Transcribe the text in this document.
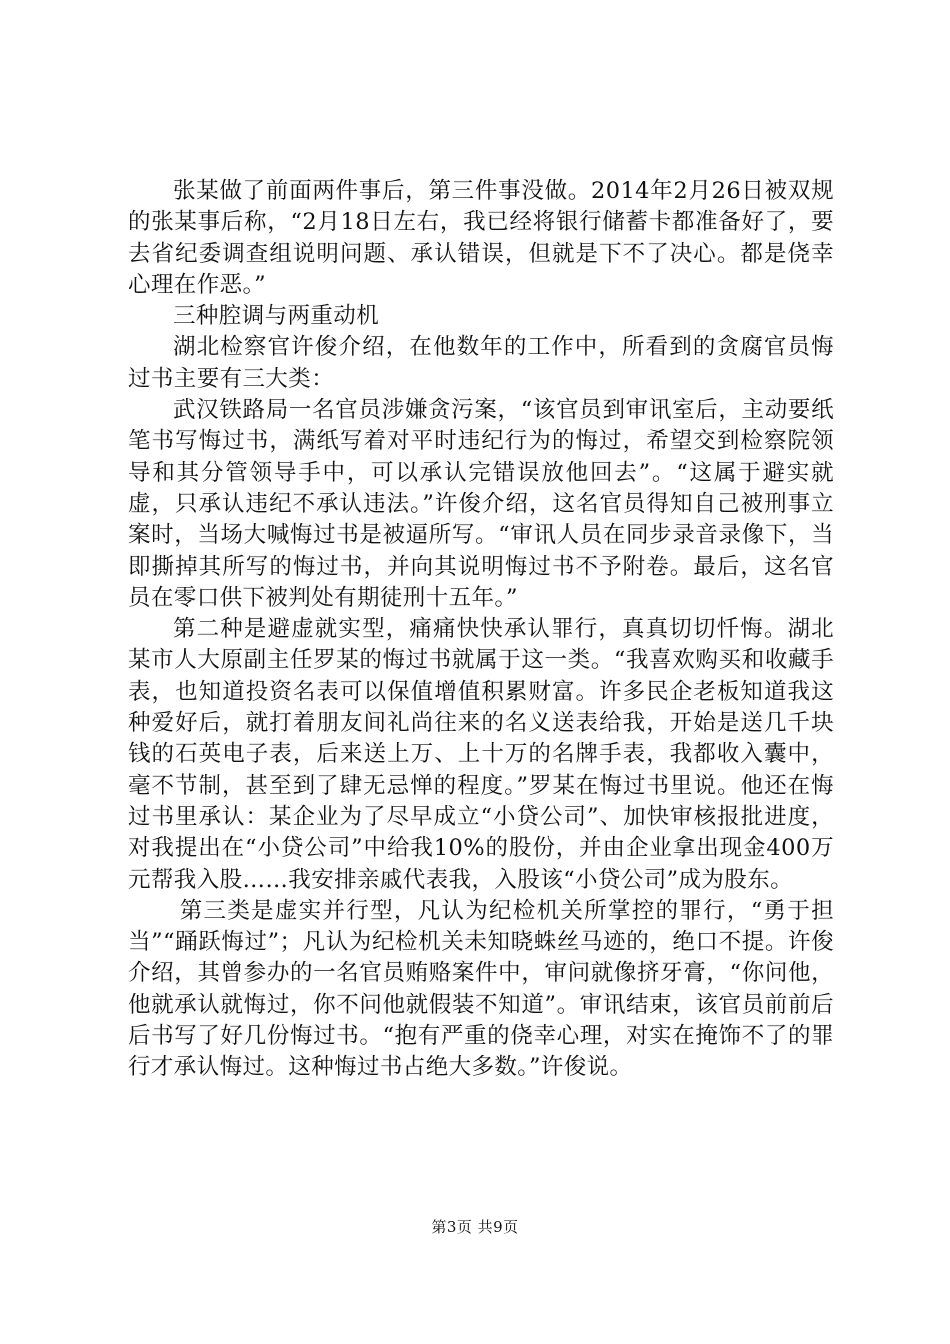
张某做了前面两件事后，第三件事没做。2014年2月26日被双规的张某事后称，“2月18日左右，我已经将银行储蓄卡都准备好了，要去省纪委调查组说明问题、承认错误，但就是下不了决心。都是侥幸心理在作恶。”

三种腔调与两重动机

湖北检察官许俊介绍，在他数年的工作中，所看到的贪腐官员悔过书主要有三大类：

武汉铁路局一名官员涉嫌贪污案，“该官员到审讯室后，主动要纸笔书写悔过书，满纸写着对平时违纪行为的悔过，希望交到检察院领导和其分管领导手中，可以承认完错误放他回去”。“这属于避实就虚，只承认违纪不承认违法。”许俊介绍，这名官员得知自己被刑事立案时，当场大喊悔过书是被逼所写。“审讯人员在同步录音录像下，当即撕掉其所写的悔过书，并向其说明悔过书不予附卷。最后，这名官员在零口供下被判处有期徒刑十五年。”

第二种是避虚就实型，痛痛快快承认罪行，真真切切忏悔。湖北某市人大原副主任罗某的悔过书就属于这一类。“我喜欢购买和收藏手表，也知道投资名表可以保值增值积累财富。许多民企老板知道我这种爱好后，就打着朋友间礼尚往来的名义送表给我，开始是送几千块钱的石英电子表，后来送上万、上十万的名牌手表，我都收入囊中，毫不节制，甚至到了肆无忌惮的程度。”罗某在悔过书里说。他还在悔过书里承认：某企业为了尽早成立“小贷公司”、加快审核报批进度，对我提出在“小贷公司”中给我10%的股份，并由企业拿出现金400万元帮我入股……我安排亲戚代表我，入股该“小贷公司”成为股东。

第三类是虚实并行型，凡认为纪检机关所掌控的罪行，“勇于担当”“踊跃悔过”；凡认为纪检机关未知晓蛛丝马迹的，绝口不提。许俊介绍，其曾参办的一名官员贿赂案件中，审问就像挤牙膏，“你问他，他就承认就悔过，你不问他就假装不知道”。审讯结束，该官员前前后后书写了好几份悔过书。“抱有严重的侥幸心理，对实在掩饰不了的罪行才承认悔过。这种悔过书占绝大多数。”许俊说。

第3页 共9页
